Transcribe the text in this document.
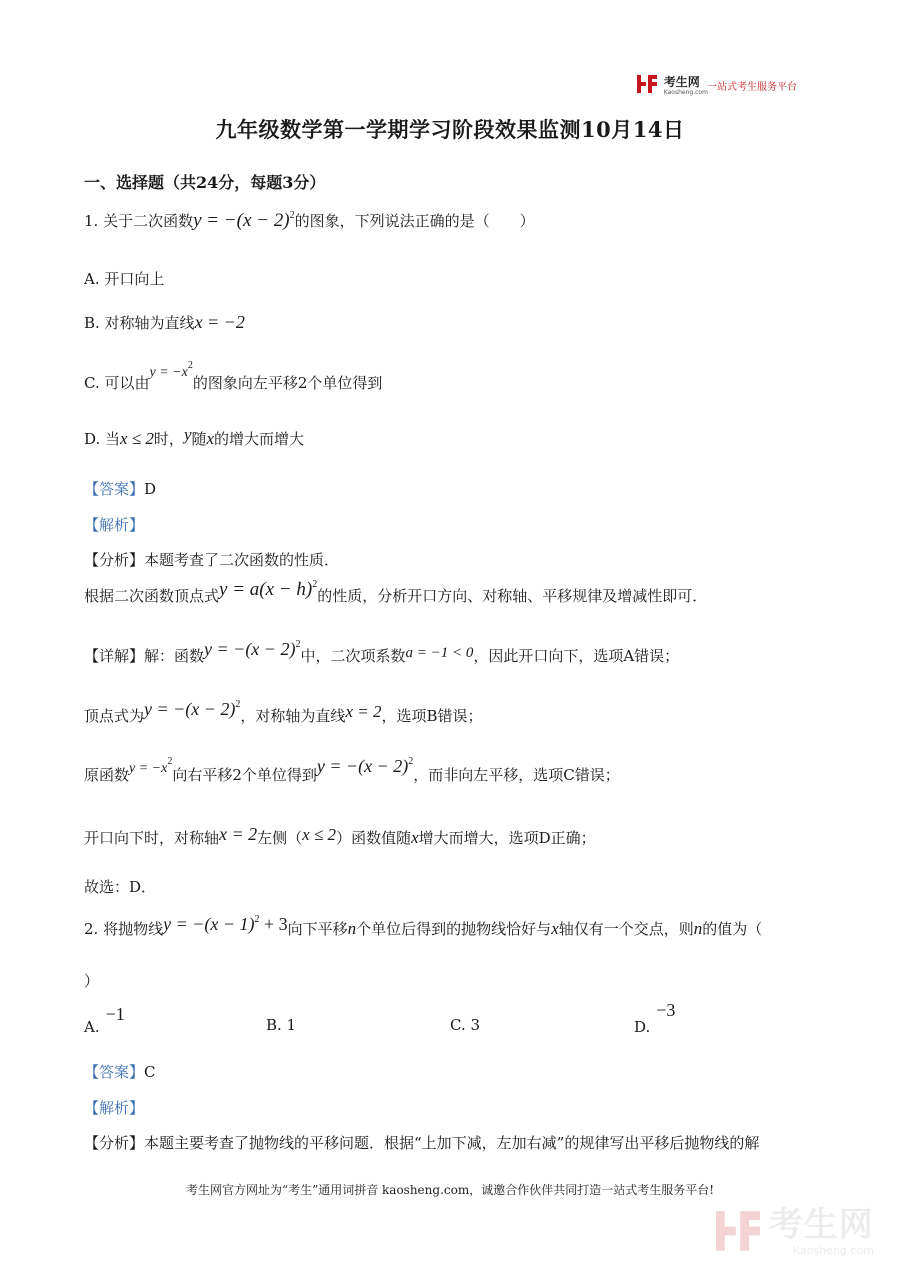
考生网
Kaosheng.com 一站式考生服务平台
九年级数学第一学期学习阶段效果监测10月14日
一、选择题（共24分，每题3分）
1. 关于二次函数$y = -(x - 2)^2$的图象，下列说法正确的是（　　）
A. 开口向上
B. 对称轴为直线x = −2
C. 可以由$y = -x^2$的图象向左平移2个单位得到
D. 当x ≤ 2时，y随x的增大而增大
【答案】D
【解析】
【分析】本题考查了二次函数的性质．
根据二次函数顶点式$y = a(x - h)^2$的性质，分析开口方向、对称轴、平移规律及增减性即可．
【详解】解：函数$y = -(x - 2)^2$中，二次项系数a = −1 < 0，因此开口向下，选项A错误；
顶点式为$y = -(x - 2)^2$，对称轴为直线x = 2，选项B错误；
原函数$y = -x^2$向右平移2个单位得到$y = -(x - 2)^2$，而非向左平移，选项C错误；
开口向下时，对称轴x = 2左侧（x ≤ 2）函数值随x增大而增大，选项D正确；
故选：D．
2. 将抛物线$y = -(x - 1)^2 + 3$向下平移n个单位后得到的抛物线恰好与x轴仅有一个交点，则n的值为（
）
A.−1
B. 1	C. 3	D.−3
【答案】C
【解析】
【分析】本题主要考查了抛物线的平移问题．根据“上加下减，左加右减”的规律写出平移后抛物线的解
考生网官方网址为“考生”通用词拼音 kaosheng.com，诚邀合作伙伴共同打造一站式考生服务平台!

考生网
Kaosheng.com
